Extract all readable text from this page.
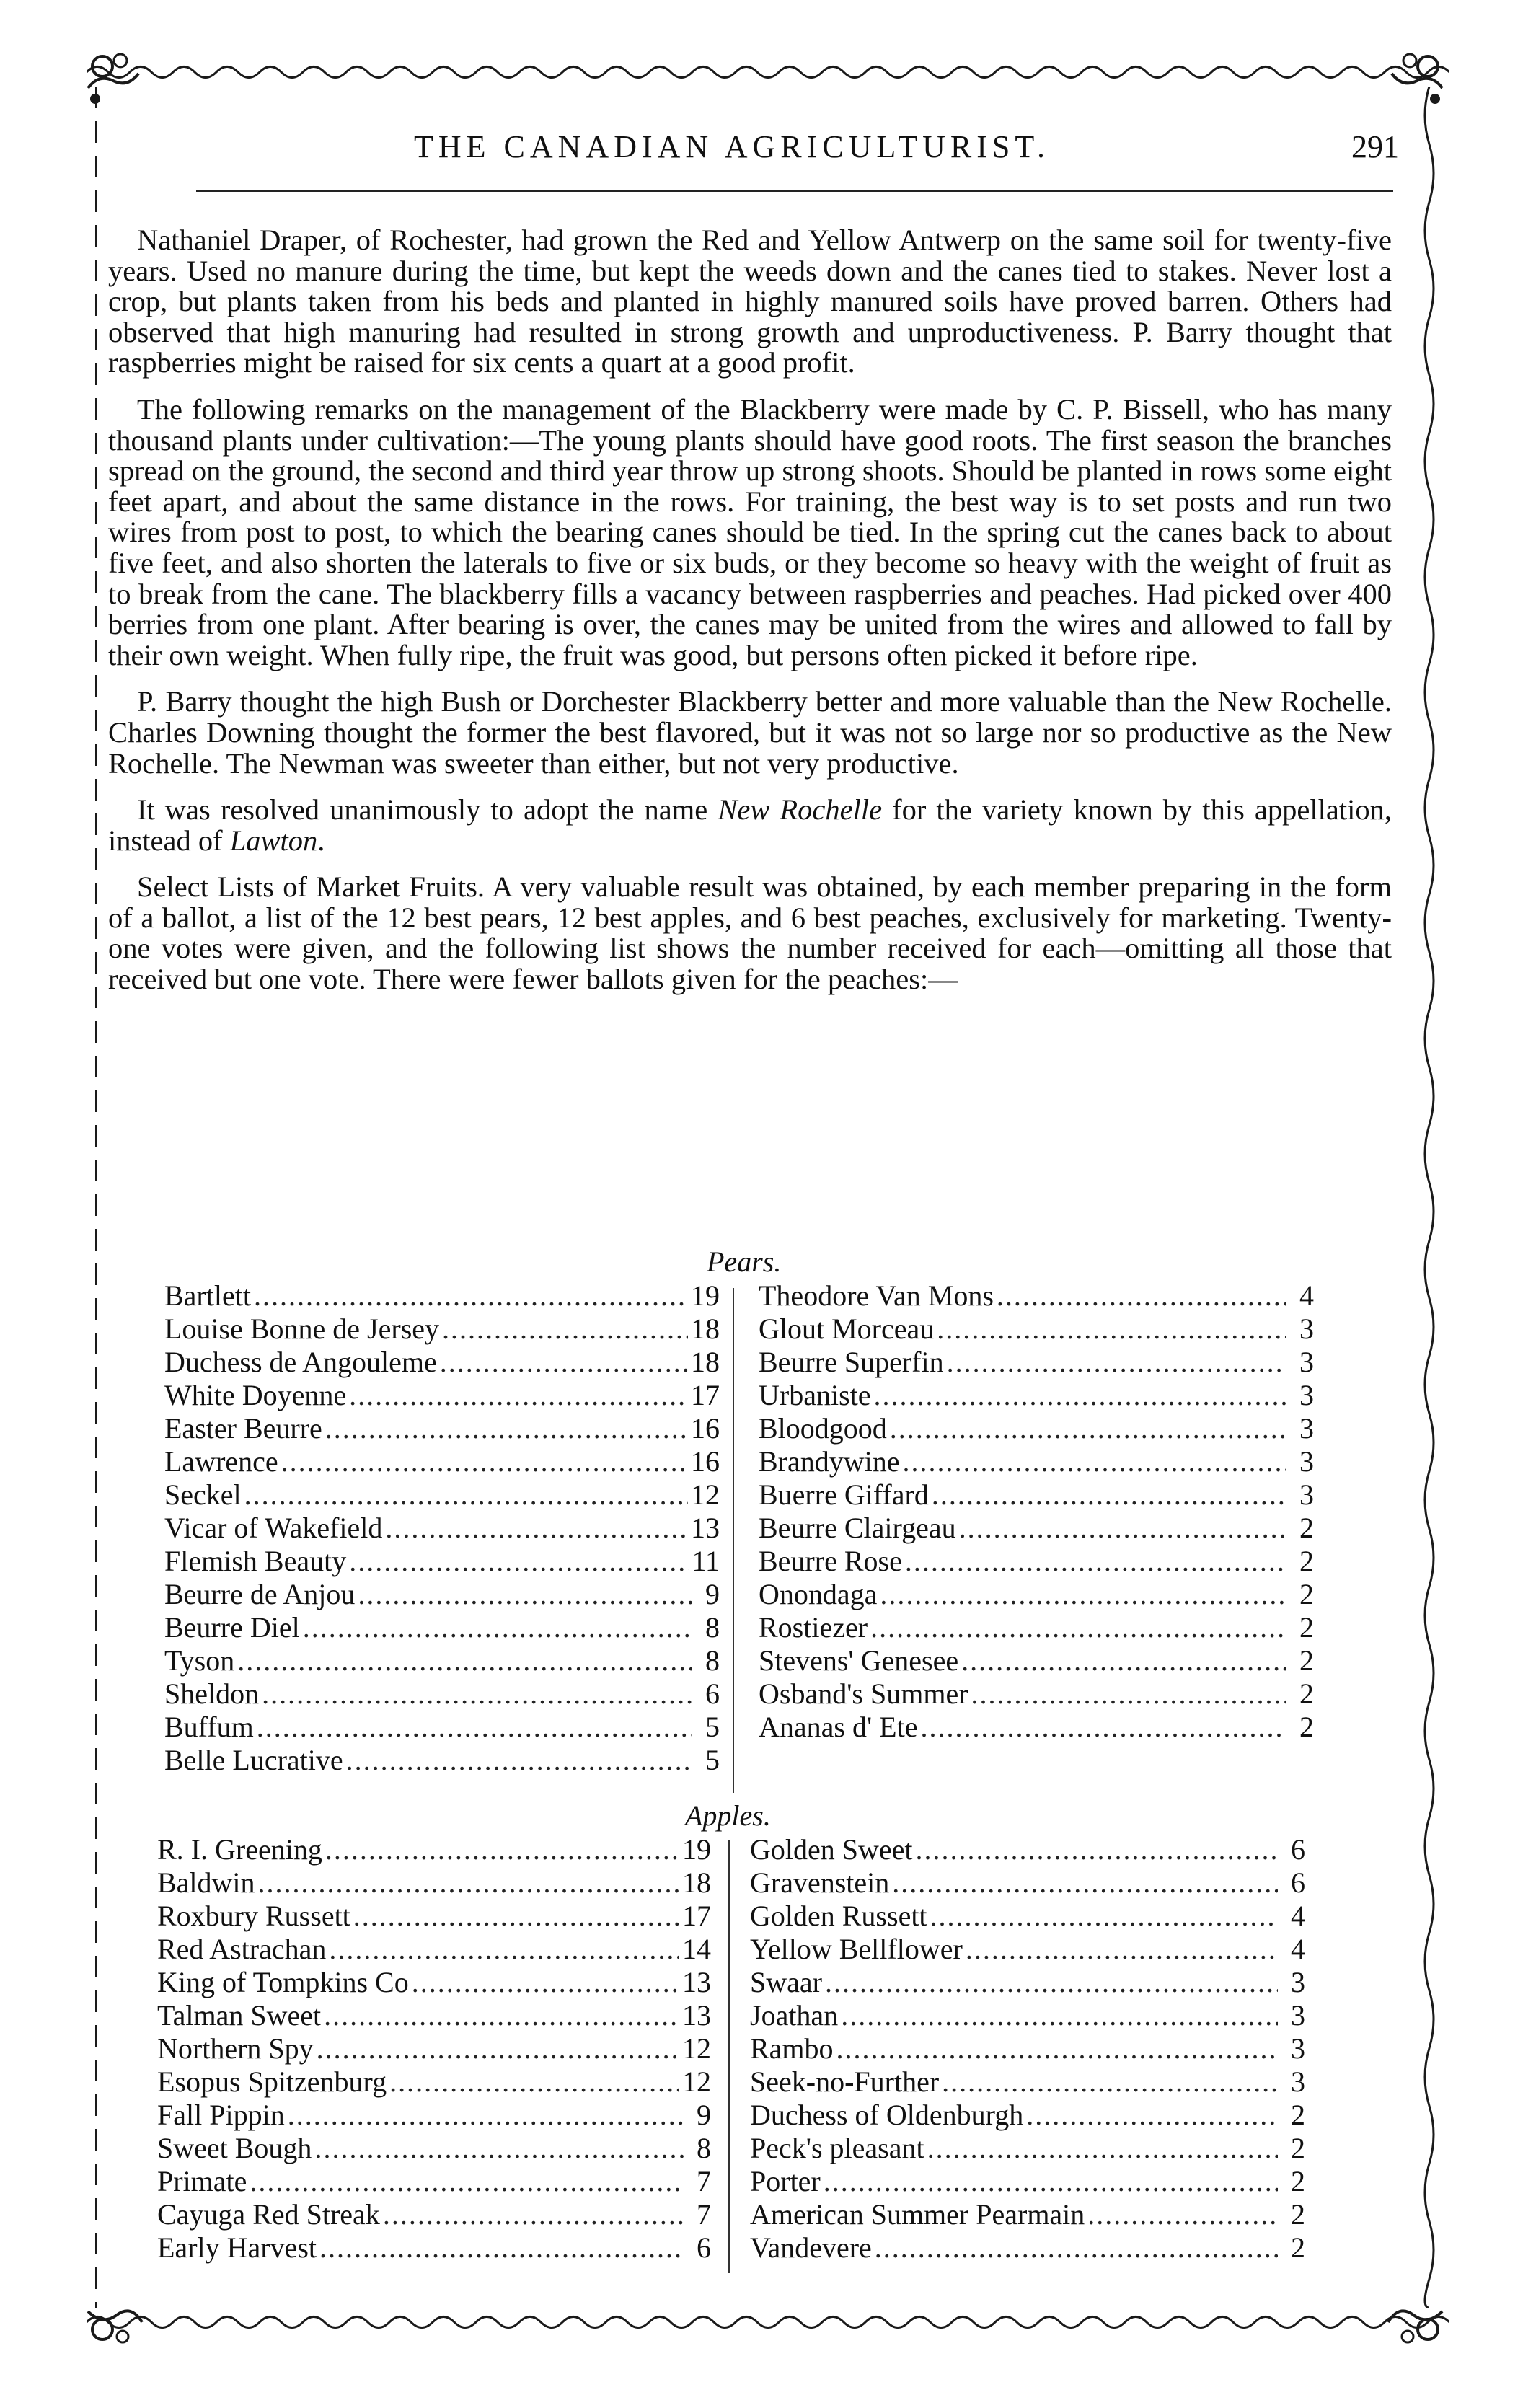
THE CANADIAN AGRICULTURIST.	291

Nathaniel Draper, of Rochester, had grown the Red and Yellow Antwerp on the same soil for twenty-five years. Used no manure during the time, but kept the weeds down and the canes tied to stakes. Never lost a crop, but plants taken from his beds and planted in highly manured soils have proved barren. Others had observed that high manuring had resulted in strong growth and unproductiveness. P. Barry thought that raspberries might be raised for six cents a quart at a good profit.

The following remarks on the management of the Blackberry were made by C. P. Bissell, who has many thousand plants under cultivation:—The young plants should have good roots. The first season the branches spread on the ground, the second and third year throw up strong shoots. Should be planted in rows some eight feet apart, and about the same distance in the rows. For training, the best way is to set posts and run two wires from post to post, to which the bearing canes should be tied. In the spring cut the canes back to about five feet, and also shorten the laterals to five or six buds, or they become so heavy with the weight of fruit as to break from the cane. The blackberry fills a vacancy between raspberries and peaches. Had picked over 400 berries from one plant. After bearing is over, the canes may be united from the wires and allowed to fall by their own weight. When fully ripe, the fruit was good, but persons often picked it before ripe.

P. Barry thought the high Bush or Dorchester Blackberry better and more valuable than the New Rochelle. Charles Downing thought the former the best flavored, but it was not so large nor so productive as the New Rochelle. The Newman was sweeter than either, but not very productive.

It was resolved unanimously to adopt the name New Rochelle for the variety known by this appellation, instead of Lawton.

Select Lists of Market Fruits. A very valuable result was obtained, by each member preparing in the form of a ballot, a list of the 12 best pears, 12 best apples, and 6 best peaches, exclusively for marketing. Twenty-one votes were given, and the following list shows the number received for each—omitting all those that received but one vote. There were fewer ballots given for the peaches:—

Pears.
Bartlett .....	19
Louise Bonne de Jersey .....	18
Duchess de Angouleme .....	18
White Doyenne .....	17
Easter Beurre .....	16
Lawrence .....	16
Seckel .....	12
Vicar of Wakefield .....	13
Flemish Beauty .....	11
Beurre de Anjou .....	9
Beurre Diel .....	8
Tyson .....	8
Sheldon .....	6
Buffum .....	5
Belle Lucrative .....	5
Theodore Van Mons .....	4
Glout Morceau .....	3
Beurre Superfin .....	3
Urbaniste .....	3
Bloodgood .....	3
Brandywine .....	3
Buerre Giffard .....	3
Beurre Clairgeau .....	2
Beurre Rose .....	2
Onondaga .....	2
Rostiezer .....	2
Stevens' Genesee .....	2
Osband's Summer .....	2
Ananas d' Ete .....	2
Apples.
R. I. Greening .....	19
Baldwin .....	18
Roxbury Russett .....	17
Red Astrachan .....	14
King of Tompkins Co .....	13
Talman Sweet .....	13
Northern Spy .....	12
Esopus Spitzenburg .....	12
Fall Pippin .....	9
Sweet Bough .....	8
Primate .....	7
Cayuga Red Streak .....	7
Early Harvest .....	6
Golden Sweet .....	6
Gravenstein .....	6
Golden Russett .....	4
Yellow Bellflower .....	4
Swaar .....	3
Joathan .....	3
Rambo .....	3
Seek-no-Further .....	3
Duchess of Oldenburgh .....	2
Peck's pleasant .....	2
Porter .....	2
American Summer Pearmain .....	2
Vandevere .....	2
